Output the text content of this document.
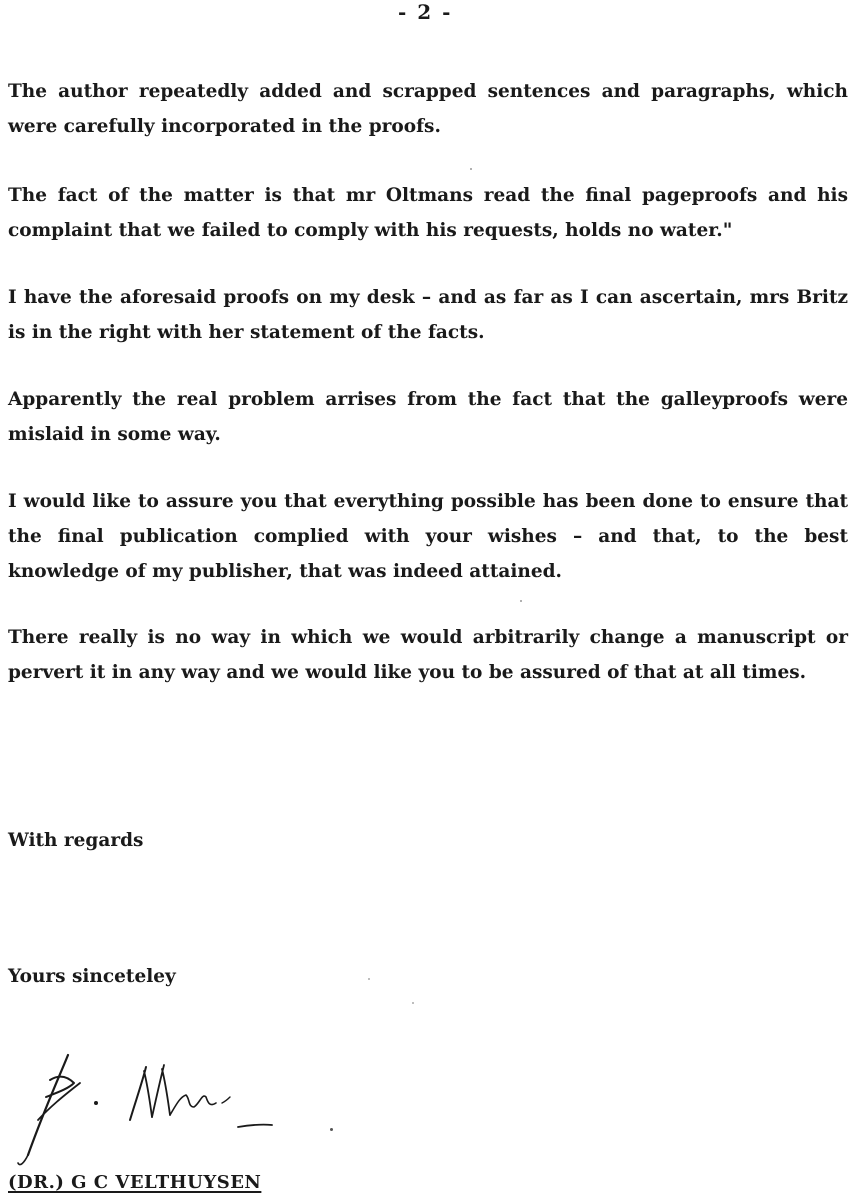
- 2 -

The author repeatedly added and scrapped sentences and paragraphs, which were carefully incorporated in the proofs.

The fact of the matter is that mr Oltmans read the final pageproofs and his complaint that we failed to comply with his requests, holds no water."

I have the aforesaid proofs on my desk – and as far as I can ascertain, mrs Britz is in the right with her statement of the facts.

Apparently the real problem arrises from the fact that the galleyproofs were mislaid in some way.

I would like to assure you that everything possible has been done to ensure that the final publication complied with your wishes – and that, to the best knowledge of my publisher, that was indeed attained.

There really is no way in which we would arbitrarily change a manuscript or pervert it in any way and we would like you to be assured of that at all times.

With regards

Yours sinceteley

(DR.) G C VELTHUYSEN
